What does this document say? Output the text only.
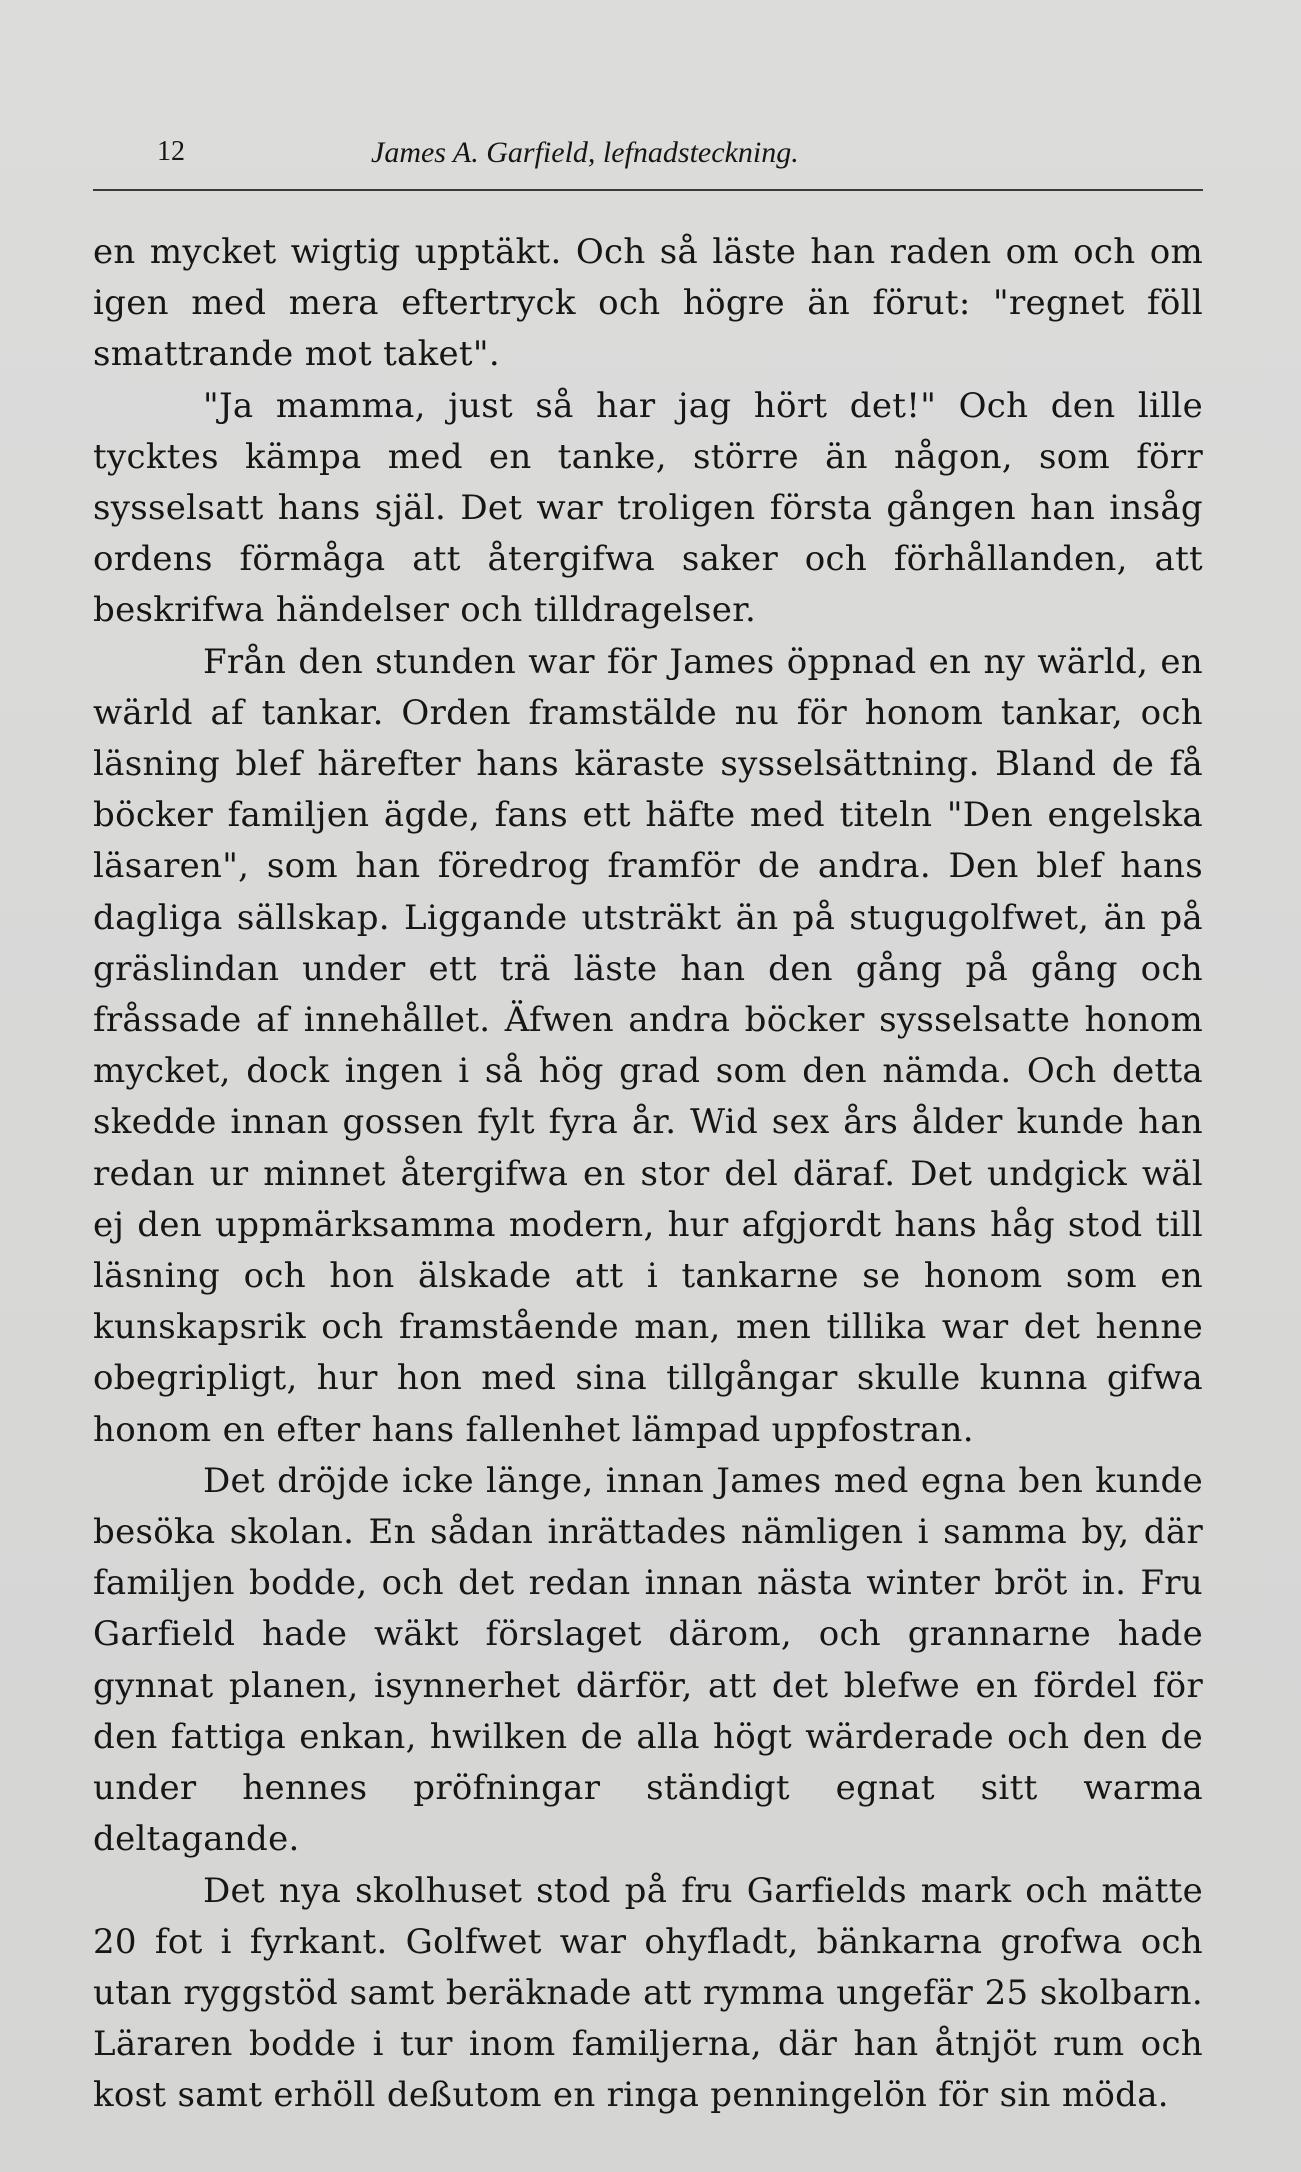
12	James A. Garfield, lefnadsteckning.

en mycket wigtig upptäkt. Och så läste han raden om och om igen med mera eftertryck och högre än förut: "regnet föll smattrande mot taket".

"Ja mamma, just så har jag hört det!" Och den lille tycktes kämpa med en tanke, större än någon, som förr sysselsatt hans själ. Det war troligen första gången han insåg ordens förmåga att återgifwa saker och förhållanden, att beskrifwa händelser och tilldragelser.

Från den stunden war för James öppnad en ny wärld, en wärld af tankar. Orden framstälde nu för honom tankar, och läsning blef härefter hans käraste sysselsättning. Bland de få böcker familjen ägde, fans ett häfte med titeln "Den engelska läsaren", som han föredrog framför de andra. Den blef hans dagliga sällskap. Liggande utsträkt än på stugugolfwet, än på gräslindan under ett trä läste han den gång på gång och fråssade af innehållet. Äfwen andra böcker sysselsatte honom mycket, dock ingen i så hög grad som den nämda. Och detta skedde innan gossen fylt fyra år. Wid sex års ålder kunde han redan ur minnet återgifwa en stor del däraf. Det undgick wäl ej den uppmärksamma modern, hur afgjordt hans håg stod till läsning och hon älskade att i tankarne se honom som en kunskapsrik och framstående man, men tillika war det henne obegripligt, hur hon med sina tillgångar skulle kunna gifwa honom en efter hans fallenhet lämpad uppfostran.

Det dröjde icke länge, innan James med egna ben kunde besöka skolan. En sådan inrättades nämligen i samma by, där familjen bodde, och det redan innan nästa winter bröt in. Fru Garfield hade wäkt förslaget därom, och grannarne hade gynnat planen, isynnerhet därför, att det blefwe en fördel för den fattiga enkan, hwilken de alla högt wärderade och den de under hennes pröfningar ständigt egnat sitt warma deltagande.

Det nya skolhuset stod på fru Garfields mark och mätte 20 fot i fyrkant. Golfwet war ohyfladt, bänkarna grofwa och utan ryggstöd samt beräknade att rymma ungefär 25 skolbarn. Läraren bodde i tur inom familjerna, där han åtnjöt rum och kost samt erhöll deßutom en ringa penningelön för sin möda.
